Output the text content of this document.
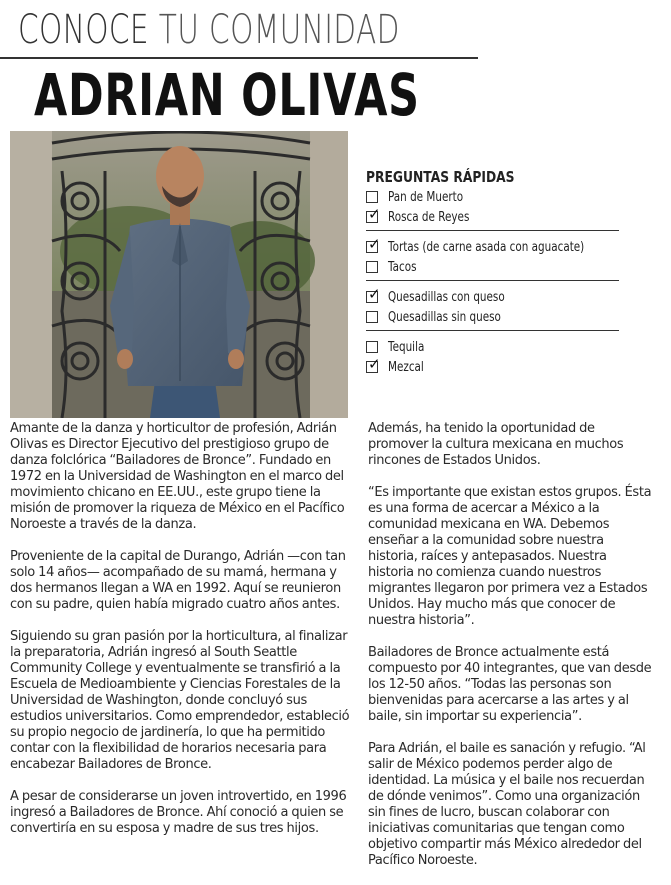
CONOCE TU COMUNIDAD
ADRIAN OLIVAS
PREGUNTAS RÁPIDAS
Pan de Muerto
✓ Rosca de Reyes
✓ Tortas (de carne asada con aguacate)
Tacos
✓ Quesadillas con queso
Quesadillas sin queso
Tequila
✓ Mezcal

Amante de la danza y horticultor de profesión, Adrián Olivas es Director Ejecutivo del prestigioso grupo de danza folclórica “Bailadores de Bronce”. Fundado en 1972 en la Universidad de Washington en el marco del movimiento chicano en EE.UU., este grupo tiene la misión de promover la riqueza de México en el Pacífico Noroeste a través de la danza.

Proveniente de la capital de Durango, Adrián —con tan solo 14 años— acompañado de su mamá, hermana y dos hermanos llegan a WA en 1992. Aquí se reunieron con su padre, quien había migrado cuatro años antes.

Siguiendo su gran pasión por la horticultura, al finalizar la preparatoria, Adrián ingresó al South Seattle Community College y eventualmente se transfirió a la Escuela de Medioambiente y Ciencias Forestales de la Universidad de Washington, donde concluyó sus estudios universitarios. Como emprendedor, estableció su propio negocio de jardinería, lo que ha permitido contar con la flexibilidad de horarios necesaria para encabezar Bailadores de Bronce.

A pesar de considerarse un joven introvertido, en 1996 ingresó a Bailadores de Bronce. Ahí conoció a quien se convertiría en su esposa y madre de sus tres hijos.

Además, ha tenido la oportunidad de promover la cultura mexicana en muchos rincones de Estados Unidos.

“Es importante que existan estos grupos. Ésta es una forma de acercar a México a la comunidad mexicana en WA. Debemos enseñar a la comunidad sobre nuestra historia, raíces y antepasados. Nuestra historia no comienza cuando nuestros migrantes llegaron por primera vez a Estados Unidos. Hay mucho más que conocer de nuestra historia”.

Bailadores de Bronce actualmente está compuesto por 40 integrantes, que van desde los 12-50 años. “Todas las personas son bienvenidas para acercarse a las artes y al baile, sin importar su experiencia”.

Para Adrián, el baile es sanación y refugio. “Al salir de México podemos perder algo de identidad. La música y el baile nos recuerdan de dónde venimos”. Como una organización sin fines de lucro, buscan colaborar con iniciativas comunitarias que tengan como objetivo compartir más México alrededor del Pacífico Noroeste.
